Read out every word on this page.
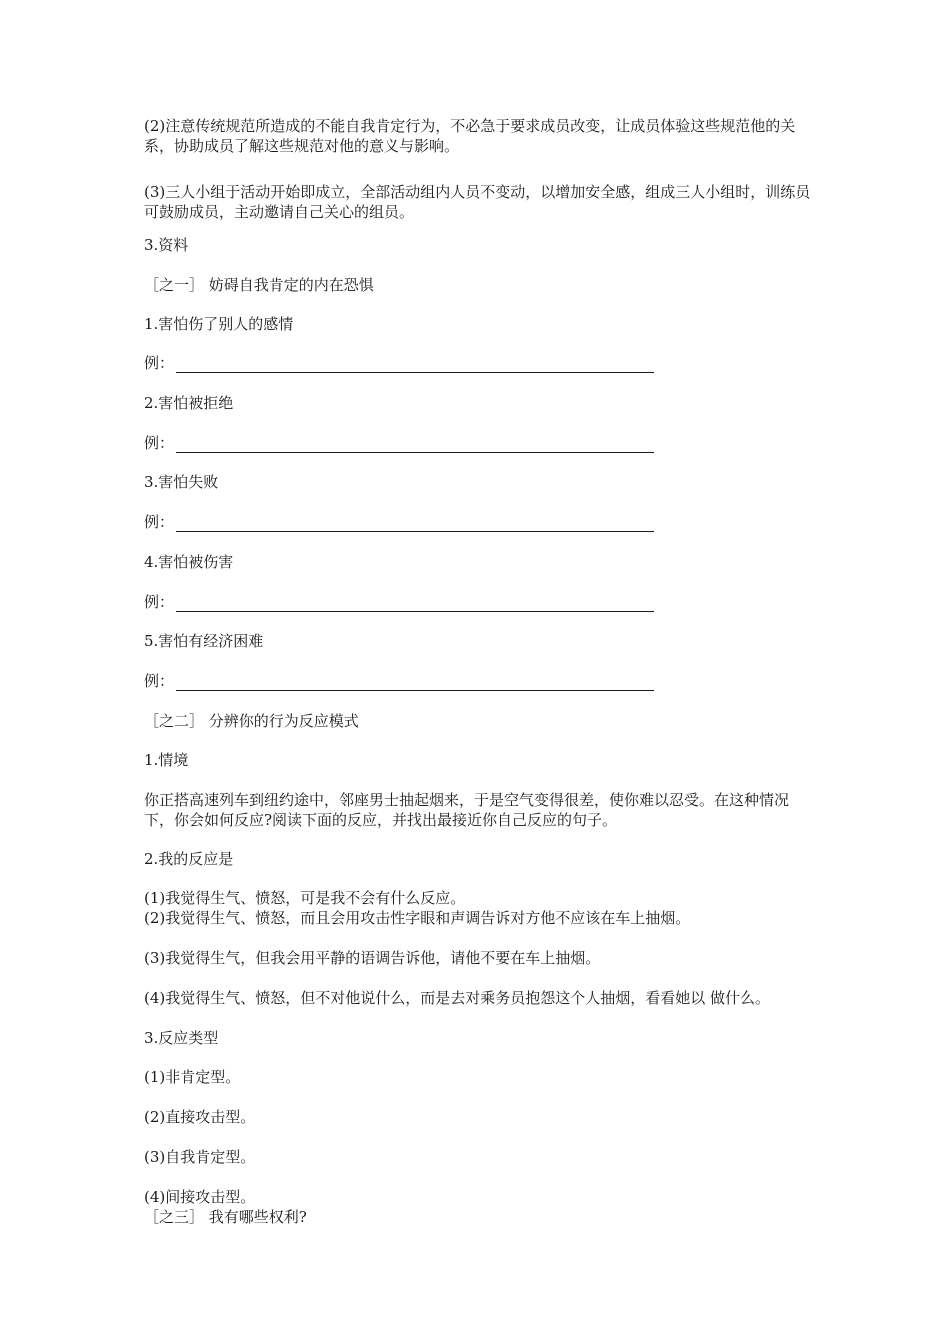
(2)注意传统规范所造成的不能自我肯定行为，不必急于要求成员改变，让成员体验这些规范他的关系，协助成员了解这些规范对他的意义与影响。

(3)三人小组于活动开始即成立，全部活动组内人员不变动，以增加安全感，组成三人小组时，训练员可鼓励成员，主动邀请自己关心的组员。

3.资料

［之一］ 妨碍自我肯定的内在恐惧

1.害怕伤了别人的感情

例：

2.害怕被拒绝

例：

3.害怕失败

例：

4.害怕被伤害

例：

5.害怕有经济困难

例：

［之二］ 分辨你的行为反应模式

1.情境

你正搭高速列车到纽约途中，邻座男士抽起烟来，于是空气变得很差，使你难以忍受。在这种情况下，你会如何反应?阅读下面的反应，并找出最接近你自己反应的句子。

2.我的反应是

(1)我觉得生气、愤怒，可是我不会有什么反应。

(2)我觉得生气、愤怒，而且会用攻击性字眼和声调告诉对方他不应该在车上抽烟。

(3)我觉得生气，但我会用平静的语调告诉他，请他不要在车上抽烟。

(4)我觉得生气、愤怒，但不对他说什么，而是去对乘务员抱怨这个人抽烟，看看她以 做什么。

3.反应类型

(1)非肯定型。

(2)直接攻击型。

(3)自我肯定型。

(4)间接攻击型。

［之三］ 我有哪些权利?
